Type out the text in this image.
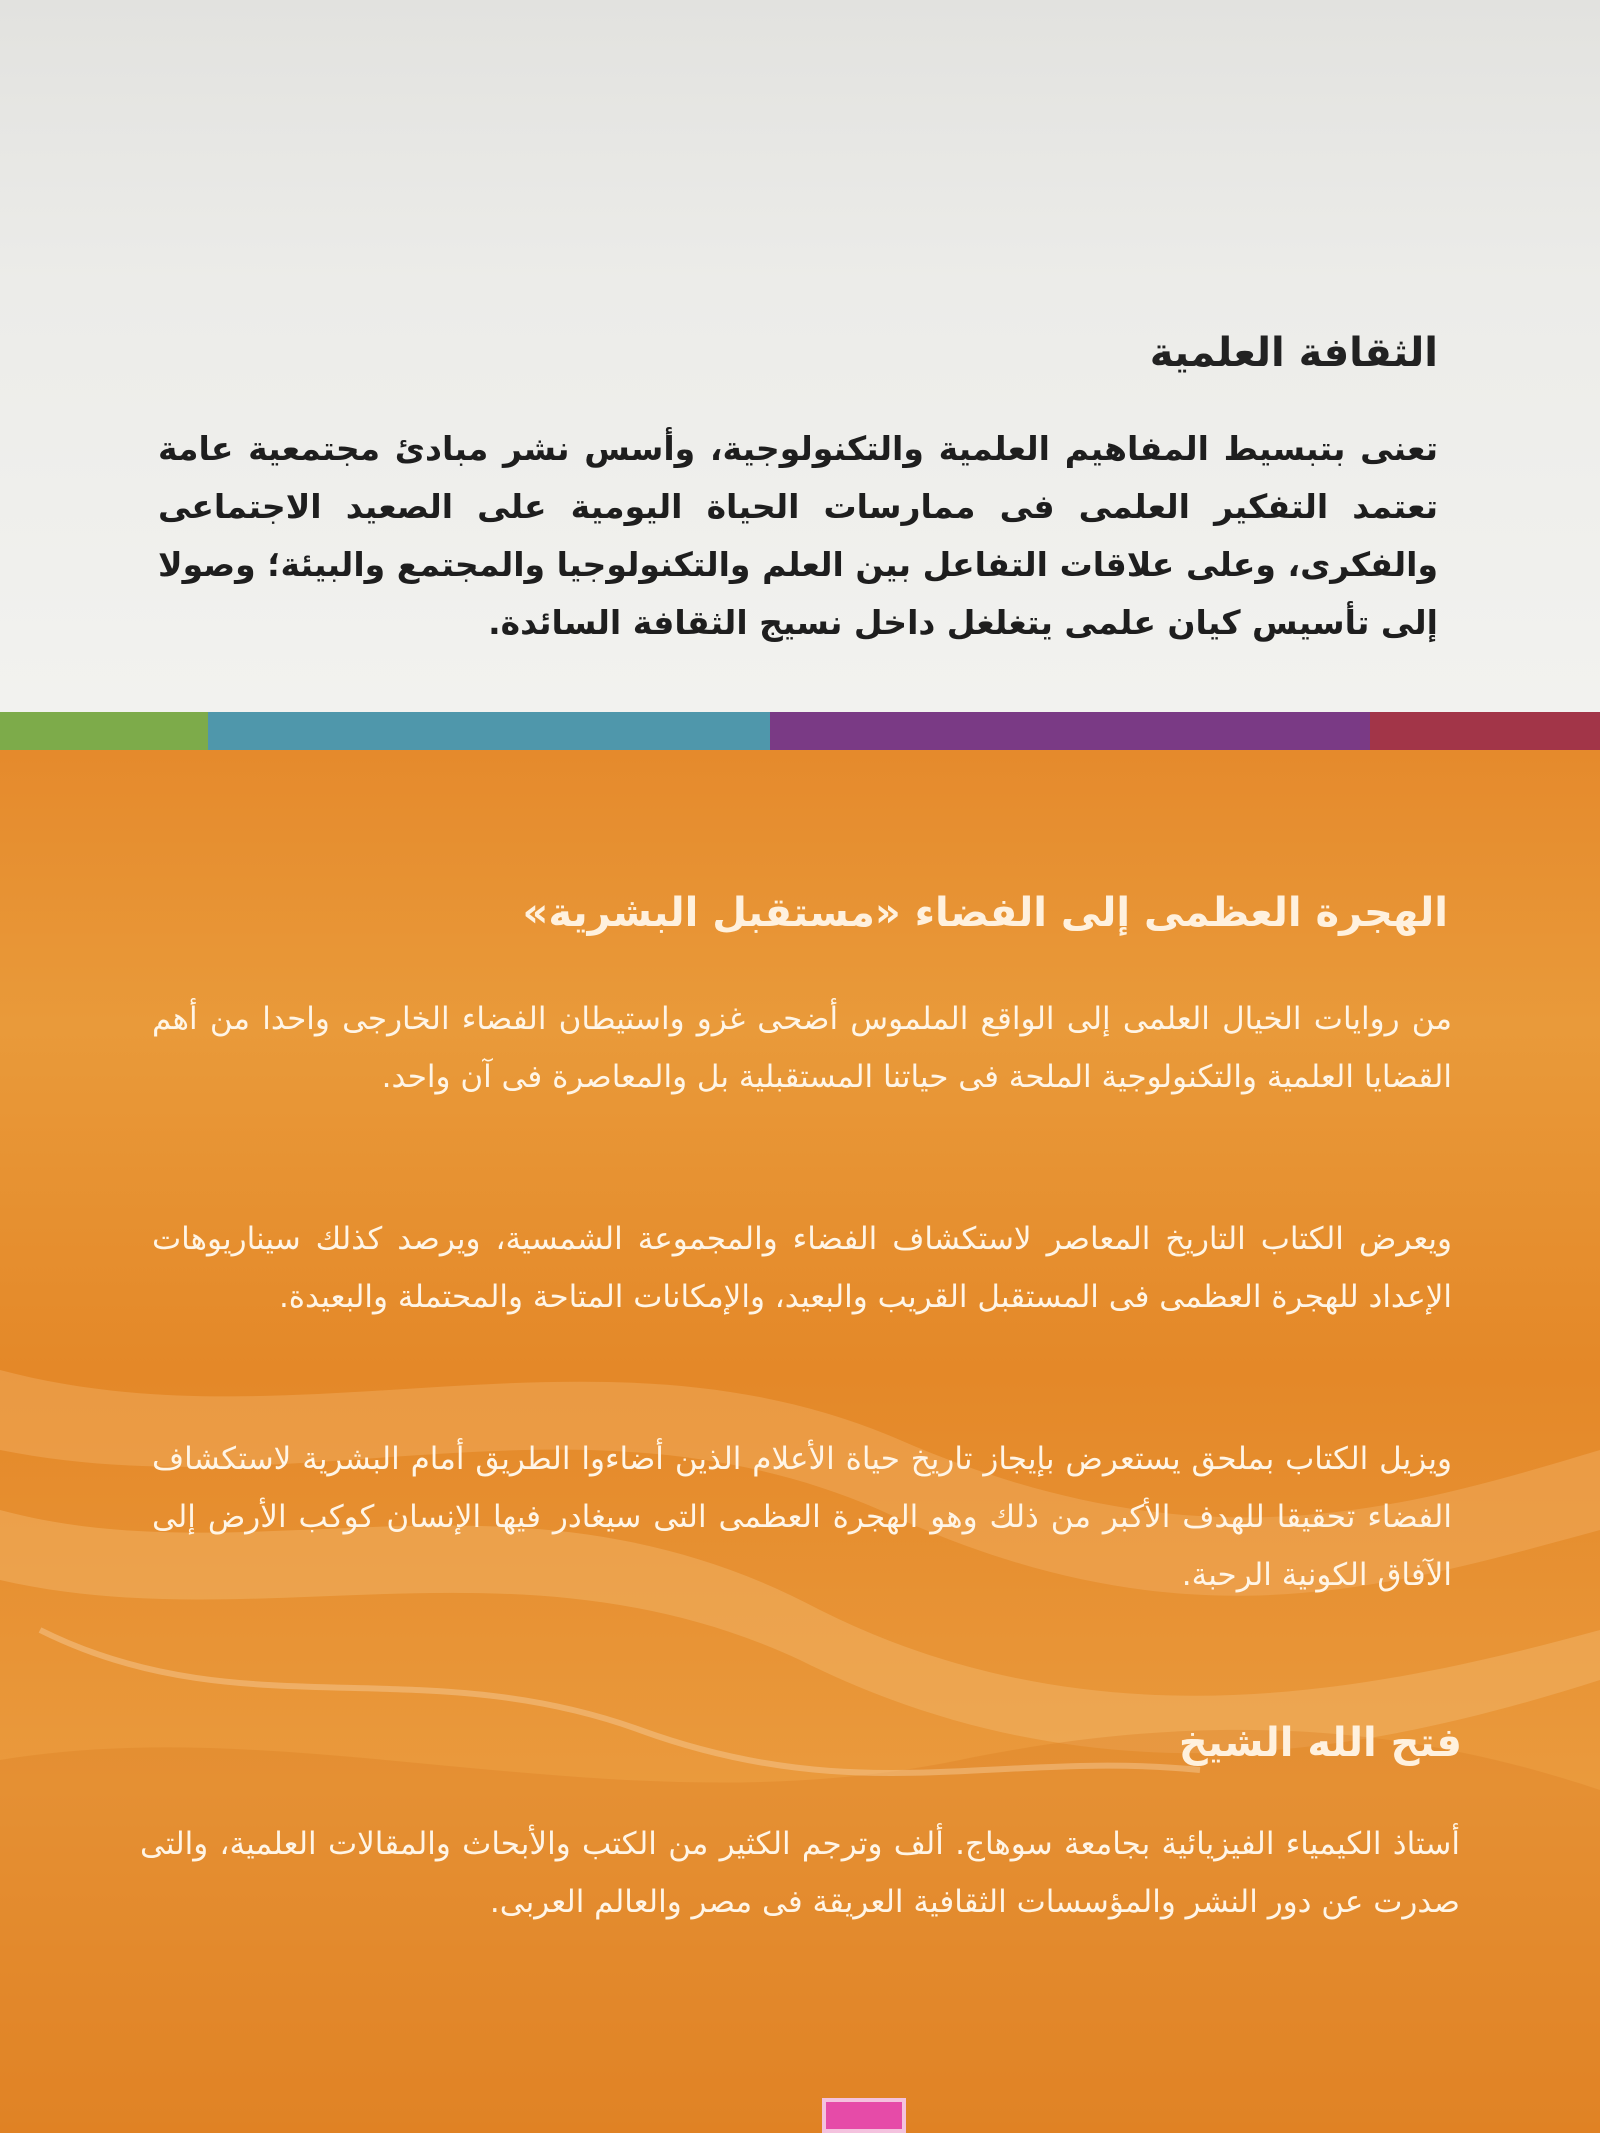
الثقافة العلمية
تعنى بتبسيط المفاهيم العلمية والتكنولوجية، وأسس نشر مبادئ مجتمعية عامة تعتمد التفكير العلمى فى ممارسات الحياة اليومية على الصعيد الاجتماعى والفكرى، وعلى علاقات التفاعل بين العلم والتكنولوجيا والمجتمع والبيئة؛ وصولا إلى تأسيس كيان علمى يتغلغل داخل نسيج الثقافة السائدة.
الهجرة العظمى إلى الفضاء «مستقبل البشرية»
من روايات الخيال العلمى إلى الواقع الملموس أضحى غزو واستيطان الفضاء الخارجى واحدا من أهم القضايا العلمية والتكنولوجية الملحة فى حياتنا المستقبلية بل والمعاصرة فى آن واحد.
ويعرض الكتاب التاريخ المعاصر لاستكشاف الفضاء والمجموعة الشمسية، ويرصد كذلك سيناريوهات الإعداد للهجرة العظمى فى المستقبل القريب والبعيد، والإمكانات المتاحة والمحتملة والبعيدة.
ويزيل الكتاب بملحق يستعرض بإيجاز تاريخ حياة الأعلام الذين أضاءوا الطريق أمام البشرية لاستكشاف الفضاء تحقيقا للهدف الأكبر من ذلك وهو الهجرة العظمى التى سيغادر فيها الإنسان كوكب الأرض إلى الآفاق الكونية الرحبة.
فتح الله الشيخ
أستاذ الكيمياء الفيزيائية بجامعة سوهاج. ألف وترجم الكثير من الكتب والأبحاث والمقالات العلمية، والتى صدرت عن دور النشر والمؤسسات الثقافية العريقة فى مصر والعالم العربى.
